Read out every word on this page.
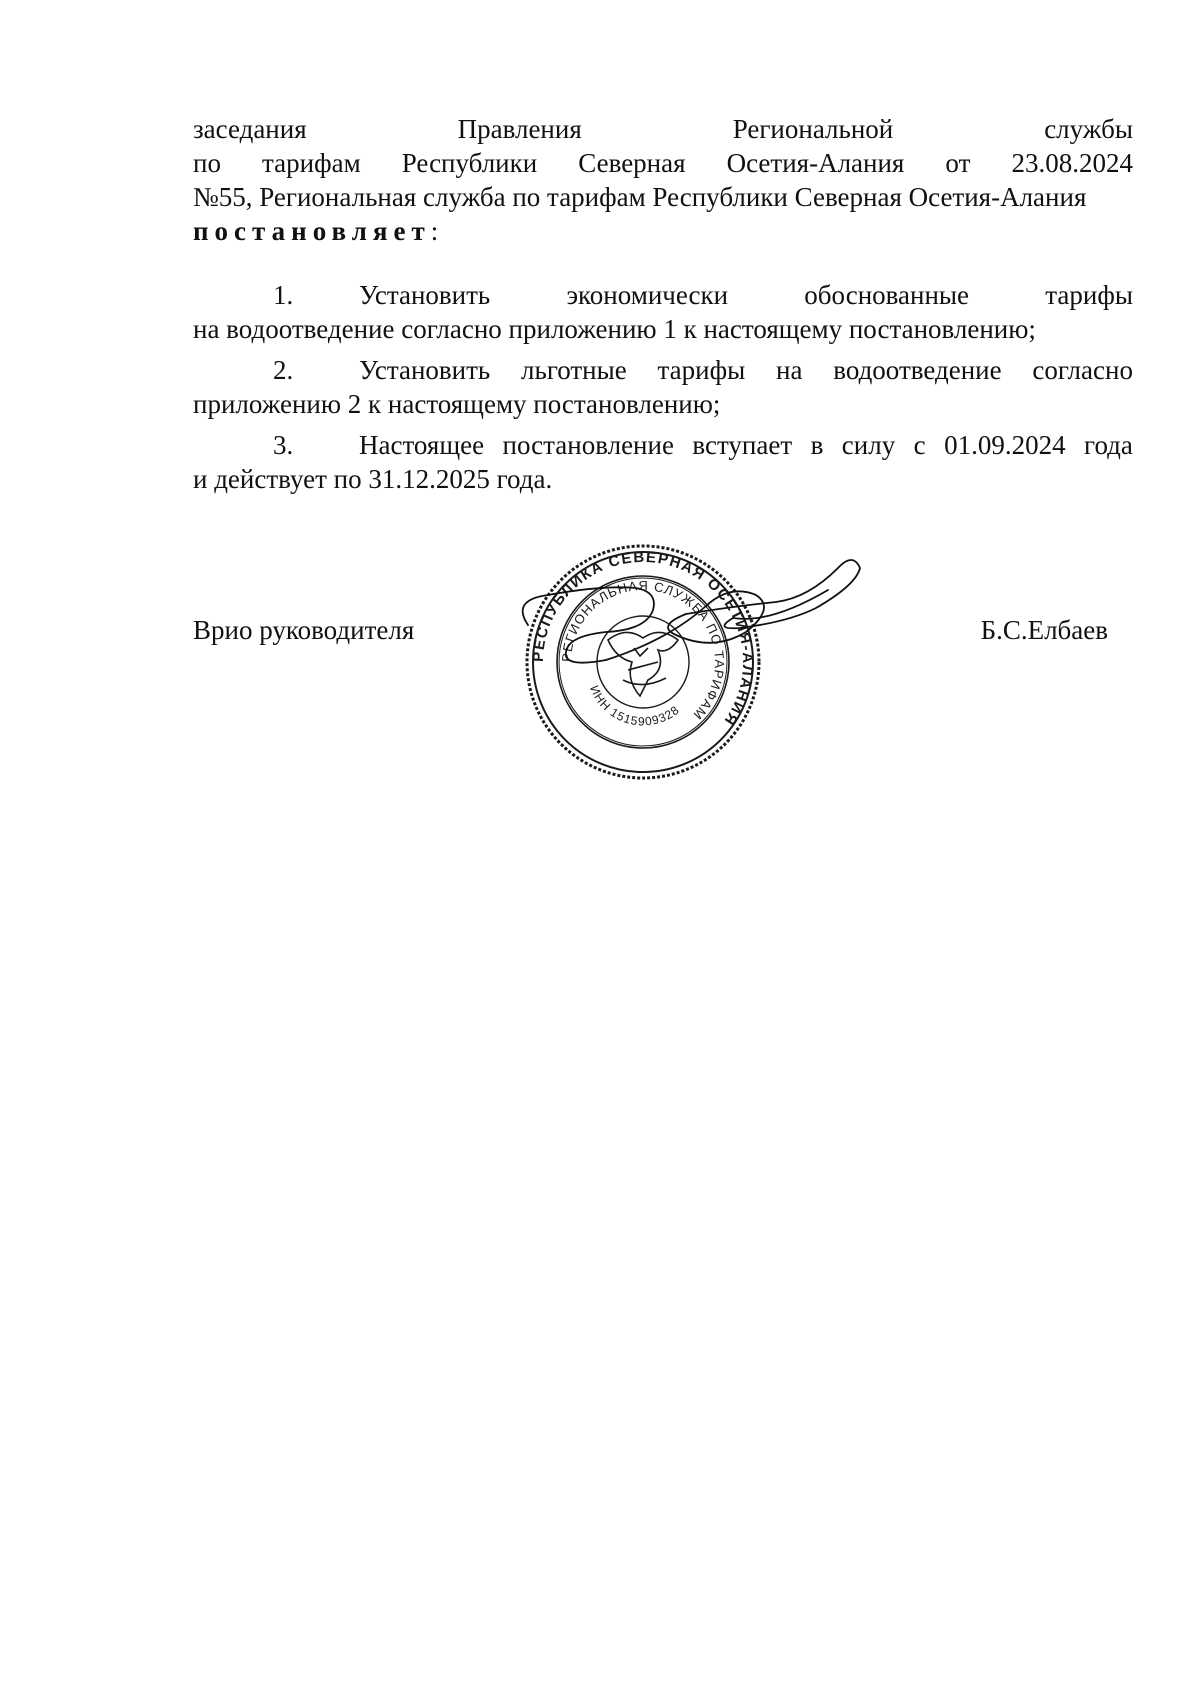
заседания	Правления	Региональной	службы
по тарифам Республики Северная Осетия-Алания от 23.08.2024
№55, Региональная служба по тарифам Республики Северная Осетия-Алания
постановляет:
1.	Установить	экономически	обоснованные	тарифы
на водоотведение согласно приложению 1 к настоящему постановлению;
2.	Установить льготные тарифы на водоотведение согласно
приложению 2 к настоящему постановлению;
3.	Настоящее постановление вступает в силу с 01.09.2024 года
и действует по 31.12.2025 года.
Врио руководителя	Б.С.Елбаев
РЕСПУБЛИКА СЕВЕРНАЯ ОСЕТИЯ-АЛАНИЯ
РЕГИОНАЛЬНАЯ СЛУЖБА ПО ТАРИФАМ
ИНН 1515909328
